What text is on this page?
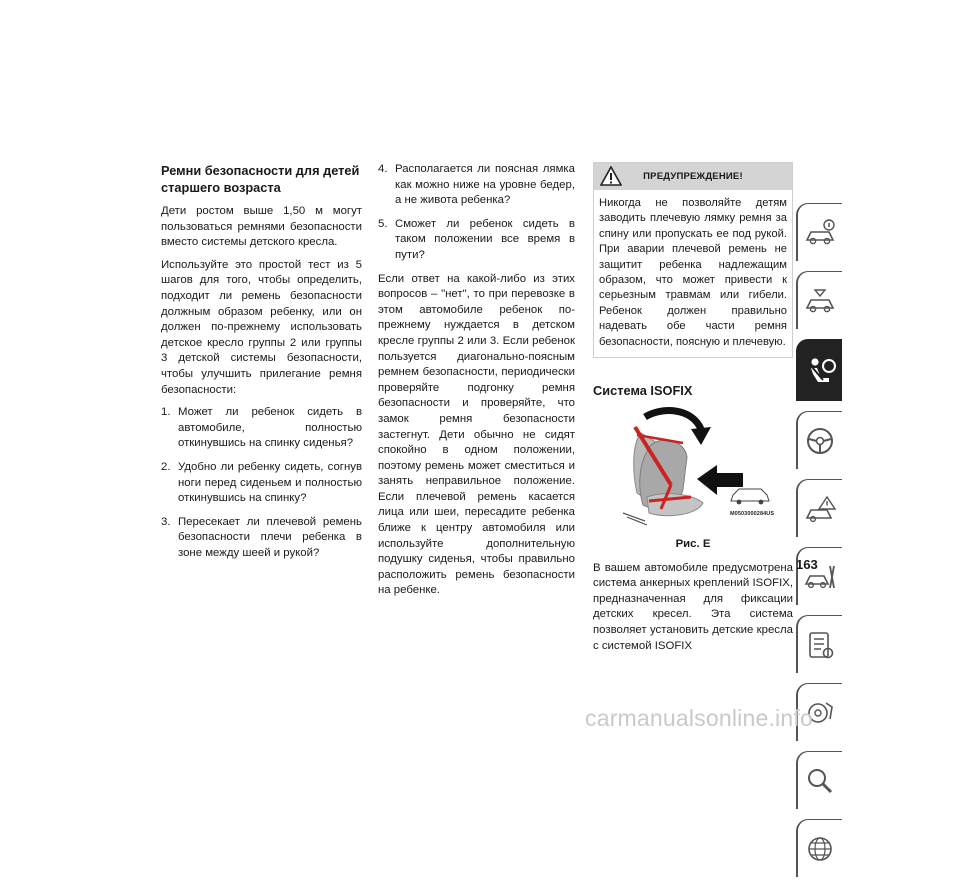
Ремни безопасности для детей старшего возраста

Дети ростом выше 1,50 м могут пользоваться ремнями безопасности вместо системы детского кресла.

Используйте это простой тест из 5 шагов для того, чтобы определить, подходит ли ремень безопасности должным образом ребенку, или он должен по-прежнему использовать детское кресло группы 2 или группы 3 детской системы безопасности, чтобы улучшить прилегание ремня безопасности:

1. Может ли ребенок сидеть в автомобиле, полностью откинувшись на спинку сиденья?
2. Удобно ли ребенку сидеть, согнув ноги перед сиденьем и полностью откинувшись на спинку?
3. Пересекает ли плечевой ремень безопасности плечи ребенка в зоне между шеей и рукой?
4. Располагается ли поясная лямка как можно ниже на уровне бедер, а не живота ребенка?
5. Сможет ли ребенок сидеть в таком положении все время в пути?

Если ответ на какой-либо из этих вопросов – "нет", то при перевозке в этом автомобиле ребенок по-прежнему нуждается в детском кресле группы 2 или 3. Если ребенок пользуется диагонально-поясным ремнем безопасности, периодически проверяйте подгонку ремня безопасности и проверяйте, что замок ремня безопасности застегнут. Дети обычно не сидят спокойно в одном положении, поэтому ремень может сместиться и занять неправильное положение. Если плечевой ремень касается лица или шеи, пересадите ребенка ближе к центру автомобиля или используйте дополнительную подушку сиденья, чтобы правильно расположить ремень безопасности на ребенке.

ПРЕДУПРЕЖДЕНИЕ!
Никогда не позволяйте детям заводить плечевую лямку ремня за спину или пропускать ее под рукой. При аварии плечевой ремень не защитит ребенка надлежащим образом, что может привести к серьезным травмам или гибели. Ребенок должен правильно надевать обе части ремня безопасности, поясную и плечевую.
Система ISOFIX
M0503000284US
Рис. E

В вашем автомобиле предусмотрена система анкерных креплений ISOFIX, предназначенная для фиксации детских кресел. Эта система позволяет установить детские кресла с системой ISOFIX

163
carmanualsonline.info
